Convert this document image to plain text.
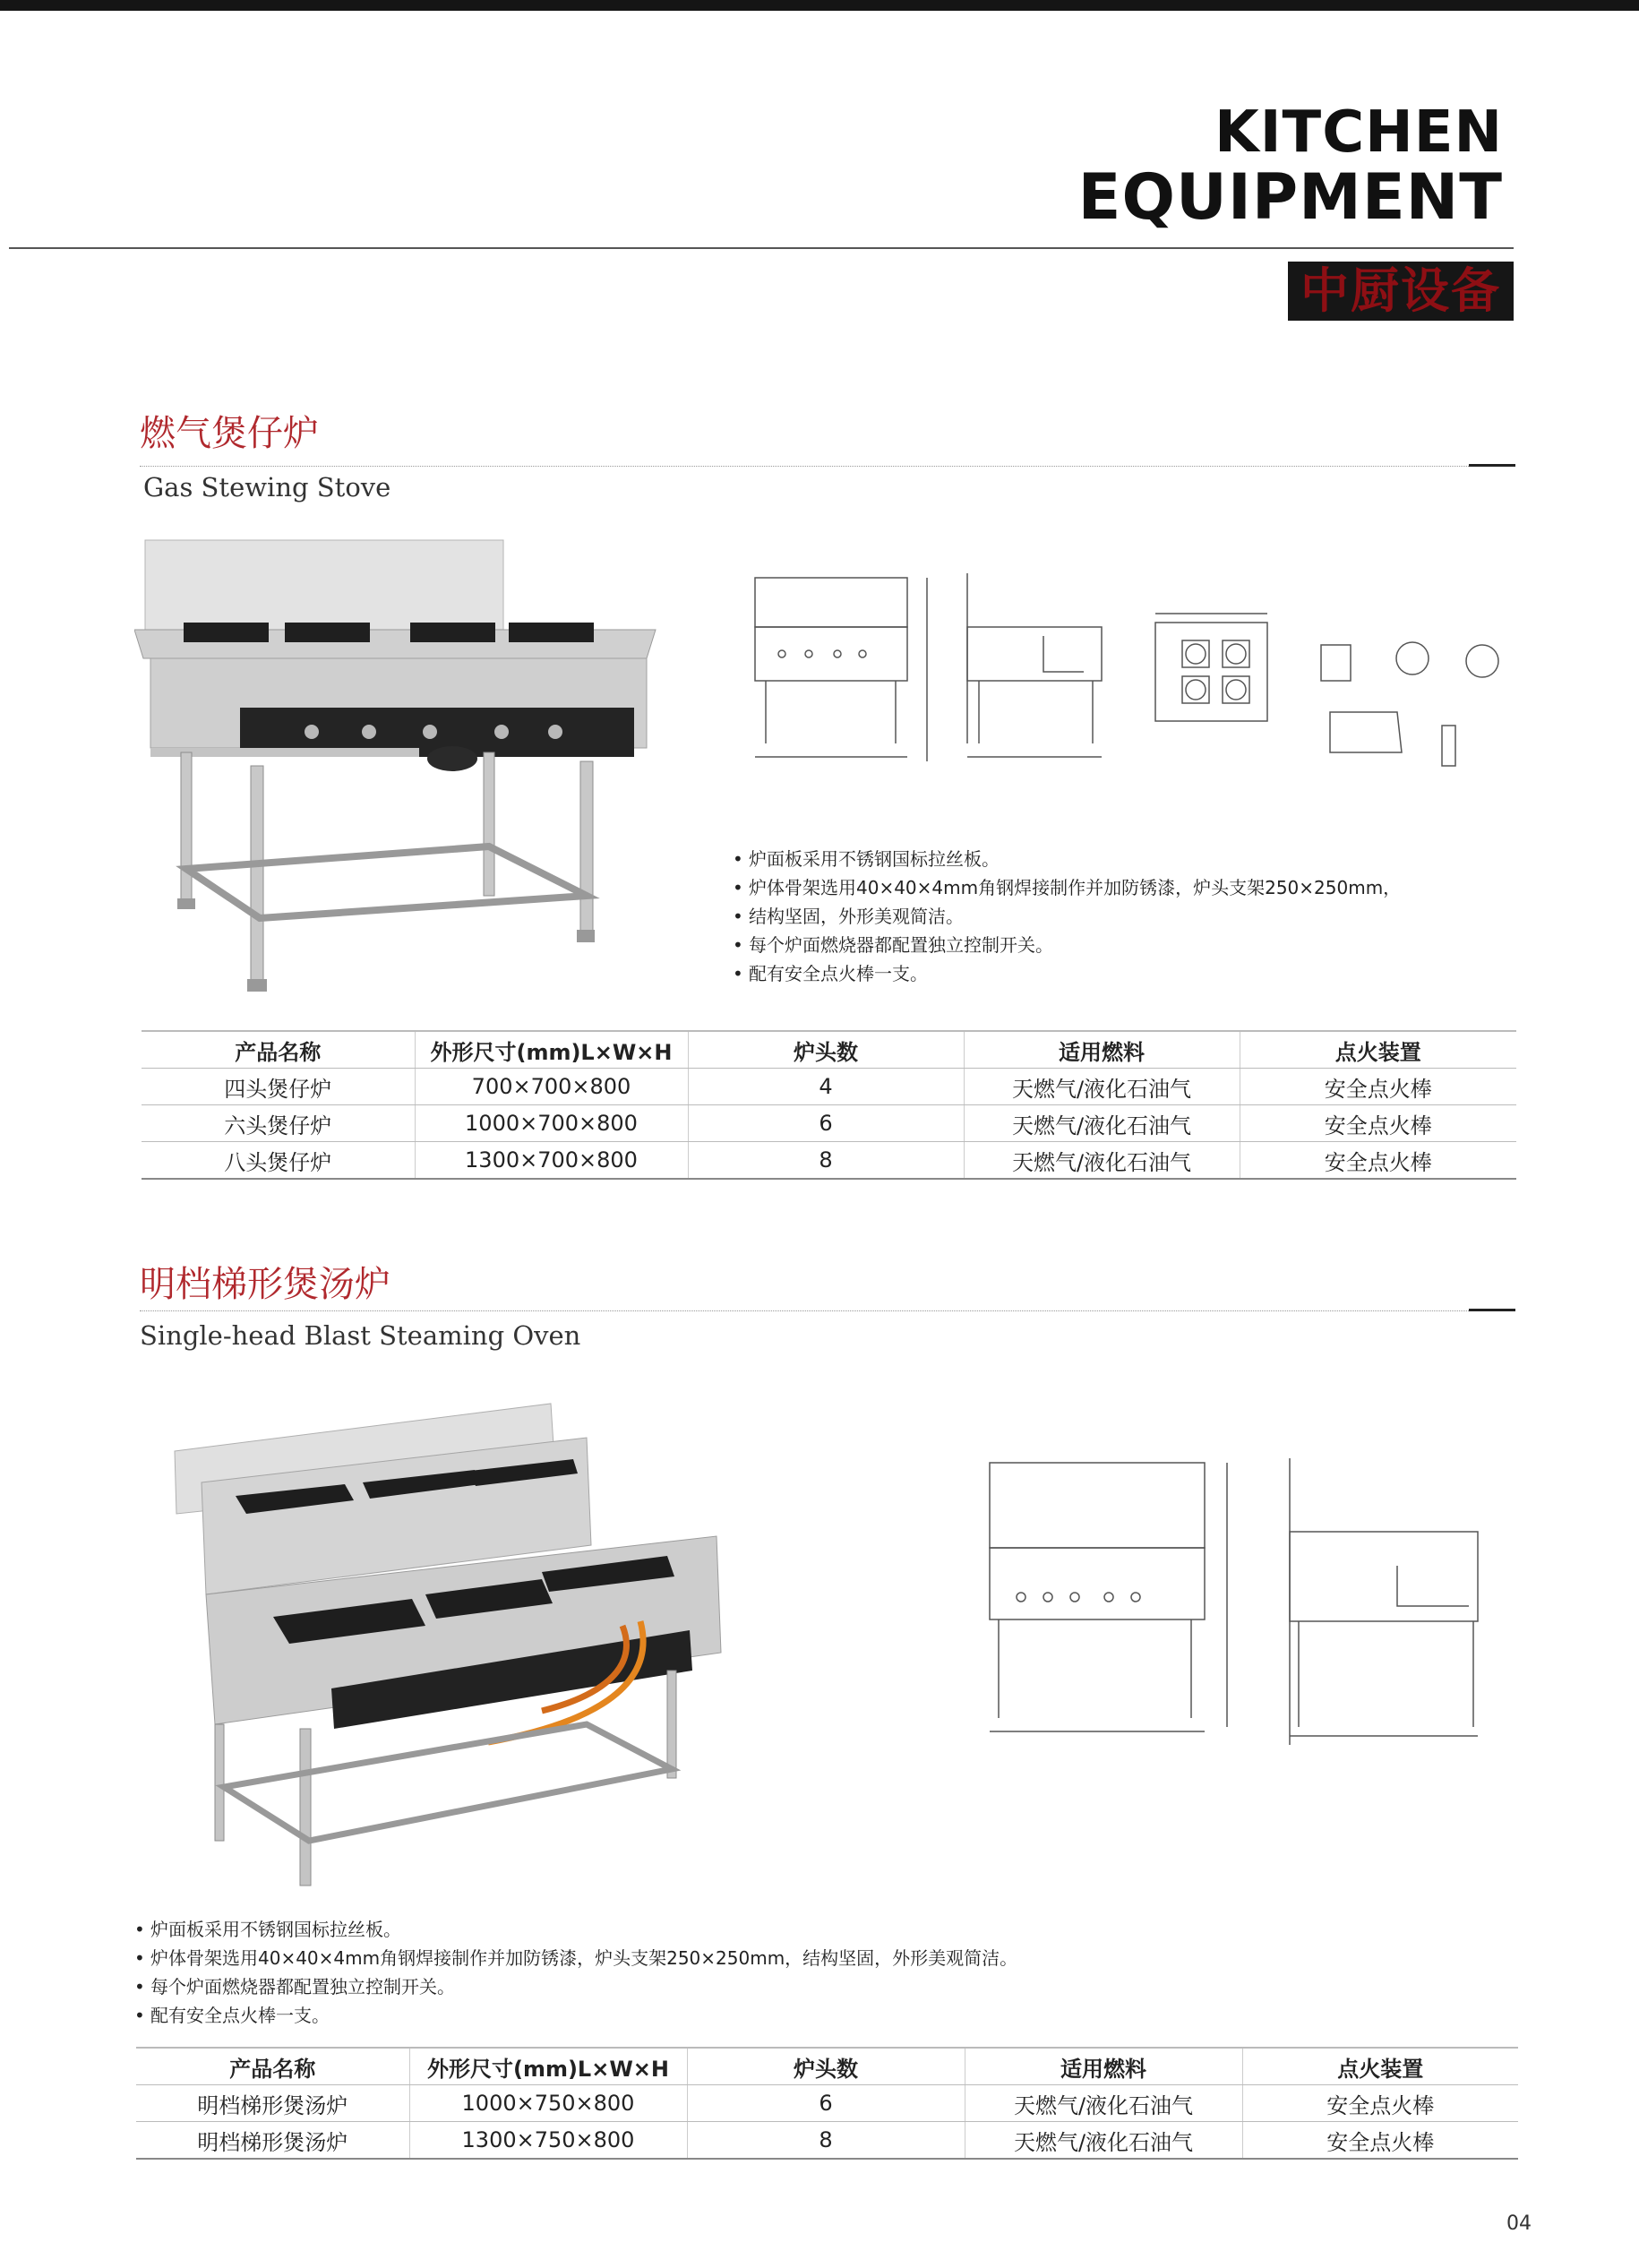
KITCHEN
EQUIPMENT
中厨设备
燃气煲仔炉
Gas Stewing Stove
• 炉面板采用不锈钢国标拉丝板。
• 炉体骨架选用40×40×4mm角钢焊接制作并加防锈漆，炉头支架250×250mm，
• 结构坚固，外形美观简洁。
• 每个炉面燃烧器都配置独立控制开关。
• 配有安全点火棒一支。
产品名称	外形尺寸(mm)L×W×H	炉头数	适用燃料	点火装置
四头煲仔炉	700×700×800	4	天燃气/液化石油气	安全点火棒
六头煲仔炉	1000×700×800	6	天燃气/液化石油气	安全点火棒
八头煲仔炉	1300×700×800	8	天燃气/液化石油气	安全点火棒
明档梯形煲汤炉
Single-head Blast Steaming Oven
• 炉面板采用不锈钢国标拉丝板。
• 炉体骨架选用40×40×4mm角钢焊接制作并加防锈漆，炉头支架250×250mm，结构坚固，外形美观简洁。
• 每个炉面燃烧器都配置独立控制开关。
• 配有安全点火棒一支。
产品名称	外形尺寸(mm)L×W×H	炉头数	适用燃料	点火装置
明档梯形煲汤炉	1000×750×800	6	天燃气/液化石油气	安全点火棒
明档梯形煲汤炉	1300×750×800	8	天燃气/液化石油气	安全点火棒
04
